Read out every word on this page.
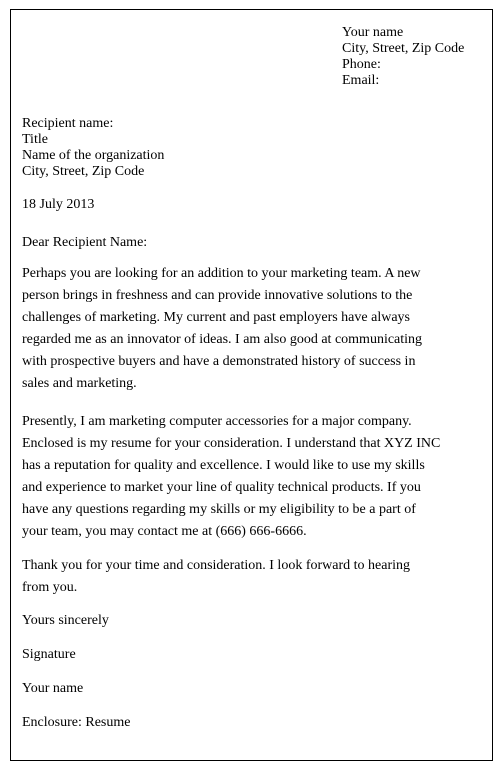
Your name
City, Street, Zip Code
Phone:
Email:
Recipient name:
Title
Name of the organization
City, Street, Zip Code
18 July 2013
Dear Recipient Name:
Perhaps you are looking for an addition to your marketing team. A new
person brings in freshness and can provide innovative solutions to the
challenges of marketing. My current and past employers have always
regarded me as an innovator of ideas. I am also good at communicating
with prospective buyers and have a demonstrated history of success in
sales and marketing.
Presently, I am marketing computer accessories for a major company.
Enclosed is my resume for your consideration. I understand that XYZ INC
has a reputation for quality and excellence. I would like to use my skills
and experience to market your line of quality technical products. If you
have any questions regarding my skills or my eligibility to be a part of
your team, you may contact me at (666) 666-6666.
Thank you for your time and consideration. I look forward to hearing
from you.
Yours sincerely
Signature
Your name
Enclosure: Resume
